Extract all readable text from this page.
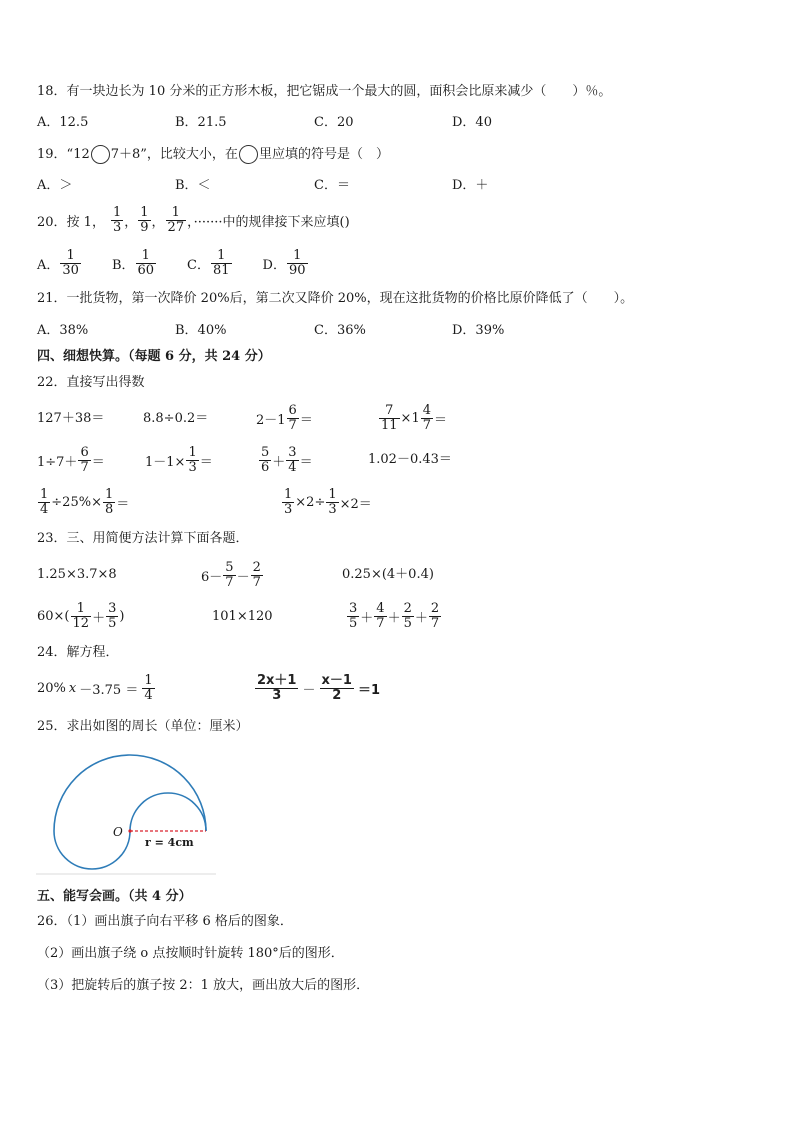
18．有一块边长为 10 分米的正方形木板，把它锯成一个最大的圆，面积会比原来减少（　　）％。
A．12.5	B．21.5	C．20	D．40
19．“12 7＋8”，比较大小，在 里应填的符号是（　）
A．＞	B．＜	C．＝	D．＋
20．按 1， $\frac{1}{3}$ ， $\frac{1}{9}$ ， $\frac{1}{27}$ ，·······中的规律接下来应填()
A． $\frac{1}{30}$ B． $\frac{1}{60}$ C． $\frac{1}{81}$ D． $\frac{1}{90}$
21．一批货物，第一次降价 20%后，第二次又降价 20%，现在这批货物的价格比原价降低了（　　）。
A．38%	B．40%	C．36%	D．39%
四、细想快算。（每题 6 分，共 24 分）
22．直接写出得数
127＋38＝	8.8÷0.2＝	$2-1 \frac{6}{7}$ ＝	$\frac{7}{11} \times 1 \frac{4}{7}$ ＝
$1\div 7+ \frac{6}{7}$ ＝	$1-1\times \frac{1}{3}$ ＝	$\frac{5}{6} + \frac{3}{4}$ ＝	1.02－0.43＝
$\frac{1}{4} \div 25\%\times \frac{1}{8}$ ＝	$\frac{1}{3} \times 2\div \frac{1}{3} \times 2=$
23．三、用简便方法计算下面各题．
1.25×3.7×8	$6- \frac{5}{7} - \frac{2}{7}$	0.25×(4＋0.4)
$60\times( \frac{1}{12} + \frac{3}{5}$ )	101×120	$\frac{3}{5} + \frac{4}{7} + \frac{2}{5} + \frac{2}{7}$
24．解方程．
20% $x -3.75 = \frac{1}{4}$	$\frac{2x+1}{3} - \frac{x-1}{2} =1$
25．求出如图的周长（单位：厘米）
O
r = 4cm
五、能写会画。（共 4 分）
26．（1）画出旗子向右平移 6 格后的图象．
（2）画出旗子绕 o 点按顺时针旋转 180°后的图形．
（3）把旋转后的旗子按 2：1 放大，画出放大后的图形．
